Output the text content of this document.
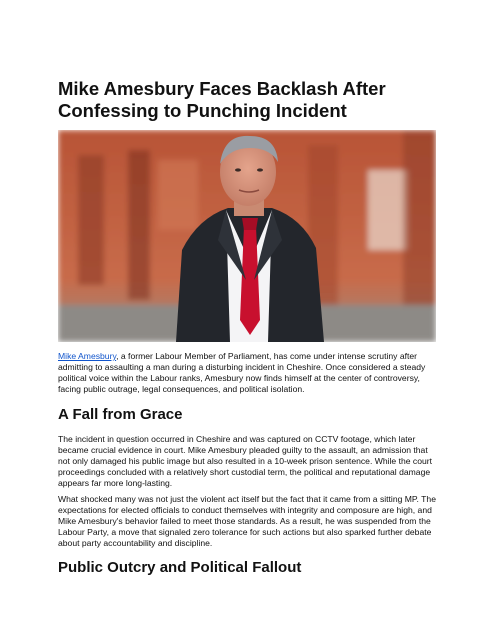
Mike Amesbury Faces Backlash After Confessing to Punching Incident

Mike Amesbury, a former Labour Member of Parliament, has come under intense scrutiny after admitting to assaulting a man during a disturbing incident in Cheshire. Once considered a steady political voice within the Labour ranks, Amesbury now finds himself at the center of controversy, facing public outrage, legal consequences, and political isolation.

A Fall from Grace

The incident in question occurred in Cheshire and was captured on CCTV footage, which later became crucial evidence in court. Mike Amesbury pleaded guilty to the assault, an admission that not only damaged his public image but also resulted in a 10-week prison sentence. While the court proceedings concluded with a relatively short custodial term, the political and reputational damage appears far more long-lasting.

What shocked many was not just the violent act itself but the fact that it came from a sitting MP. The expectations for elected officials to conduct themselves with integrity and composure are high, and Mike Amesbury's behavior failed to meet those standards. As a result, he was suspended from the Labour Party, a move that signaled zero tolerance for such actions but also sparked further debate about party accountability and discipline.

Public Outcry and Political Fallout
